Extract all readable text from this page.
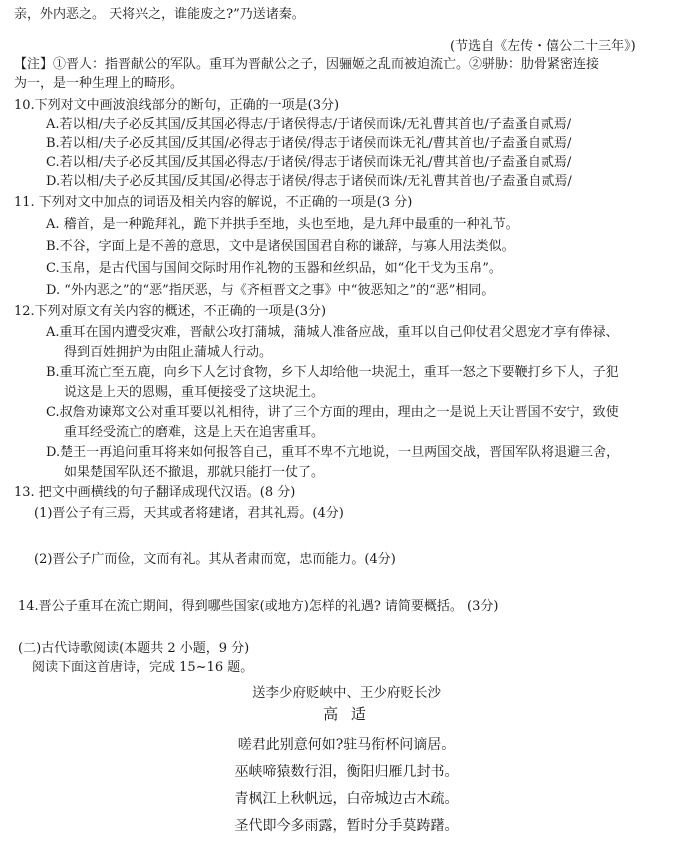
亲，外内恶之。 天将兴之，谁能废之?”乃送诸秦。
(节选自《左传・僖公二十三年》)
【注】①晋人：指晋献公的军队。重耳为晋献公之子，因骊姬之乱而被迫流亡。②骈胁：肋骨紧密连接
为一，是一种生理上的畸形。
10.下列对文中画波浪线部分的断句，正确的一项是(3分)
A.若以相/夫子必反其国/反其国必得志/于诸侯得志/于诸侯而诛/无礼曹其首也/子盍蚤自贰焉/
B.若以相/夫子必反其国/反其国/必得志于诸侯/得志于诸侯而诛无礼/曹其首也/子盍蚤自贰焉/
C.若以相/夫子必反其国/反其国必得志/于诸侯/得志于诸侯而诛无礼/曹其首也/子盍蚤自贰焉/
D.若以相/夫子必反其国/反其国/必得志于诸侯/得志于诸侯而诛/无礼曹其首也/子盍蚤自贰焉/
11. 下列对文中加点的词语及相关内容的解说，不正确的一项是(3 分)
A. 稽首，是一种跪拜礼，跪下并拱手至地，头也至地，是九拜中最重的一种礼节。
B.不谷，字面上是不善的意思，文中是诸侯国国君自称的谦辞，与寡人用法类似。
C.玉帛，是古代国与国间交际时用作礼物的玉器和丝织品，如“化干戈为玉帛”。
D. “外内恶之”的“恶”指厌恶，与《齐桓晋文之事》中“彼恶知之”的“恶”相同。
12.下列对原文有关内容的概述，不正确的一项是(3分)
A.重耳在国内遭受灾难，晋献公攻打蒲城，蒲城人准备应战，重耳以自己仰仗君父恩宠才享有俸禄、
得到百姓拥护为由阻止蒲城人行动。
B.重耳流亡至五鹿，向乡下人乞讨食物，乡下人却给他一块泥土，重耳一怒之下要鞭打乡下人，子犯
说这是上天的恩赐，重耳便接受了这块泥土。
C.叔詹劝谏郑文公对重耳要以礼相待，讲了三个方面的理由，理由之一是说上天让晋国不安宁，致使
重耳经受流亡的磨难，这是上天在追害重耳。
D.楚王一再追问重耳将来如何报答自己，重耳不卑不亢地说，一旦两国交战，晋国军队将退避三舍，
如果楚国军队还不撤退，那就只能打一仗了。
13. 把文中画横线的句子翻译成现代汉语。(8 分)
(1)晋公子有三焉，天其或者将建诸，君其礼焉。(4分)
(2)晋公子广而俭，文而有礼。其从者肃而宽，忠而能力。(4分)
14.晋公子重耳在流亡期间，得到哪些国家(或地方)怎样的礼遇? 请简要概括。 (3分)
(二)古代诗歌阅读(本题共 2 小题，9 分)
阅读下面这首唐诗，完成 15~16 题。
送李少府贬峡中、王少府贬长沙
高 适
嗟君此别意何如?驻马衔杯问谪居。
巫峡啼猿数行泪，衡阳归雁几封书。
青枫江上秋帆远，白帝城边古木疏。
圣代即今多雨露，暂时分手莫踌躇。
